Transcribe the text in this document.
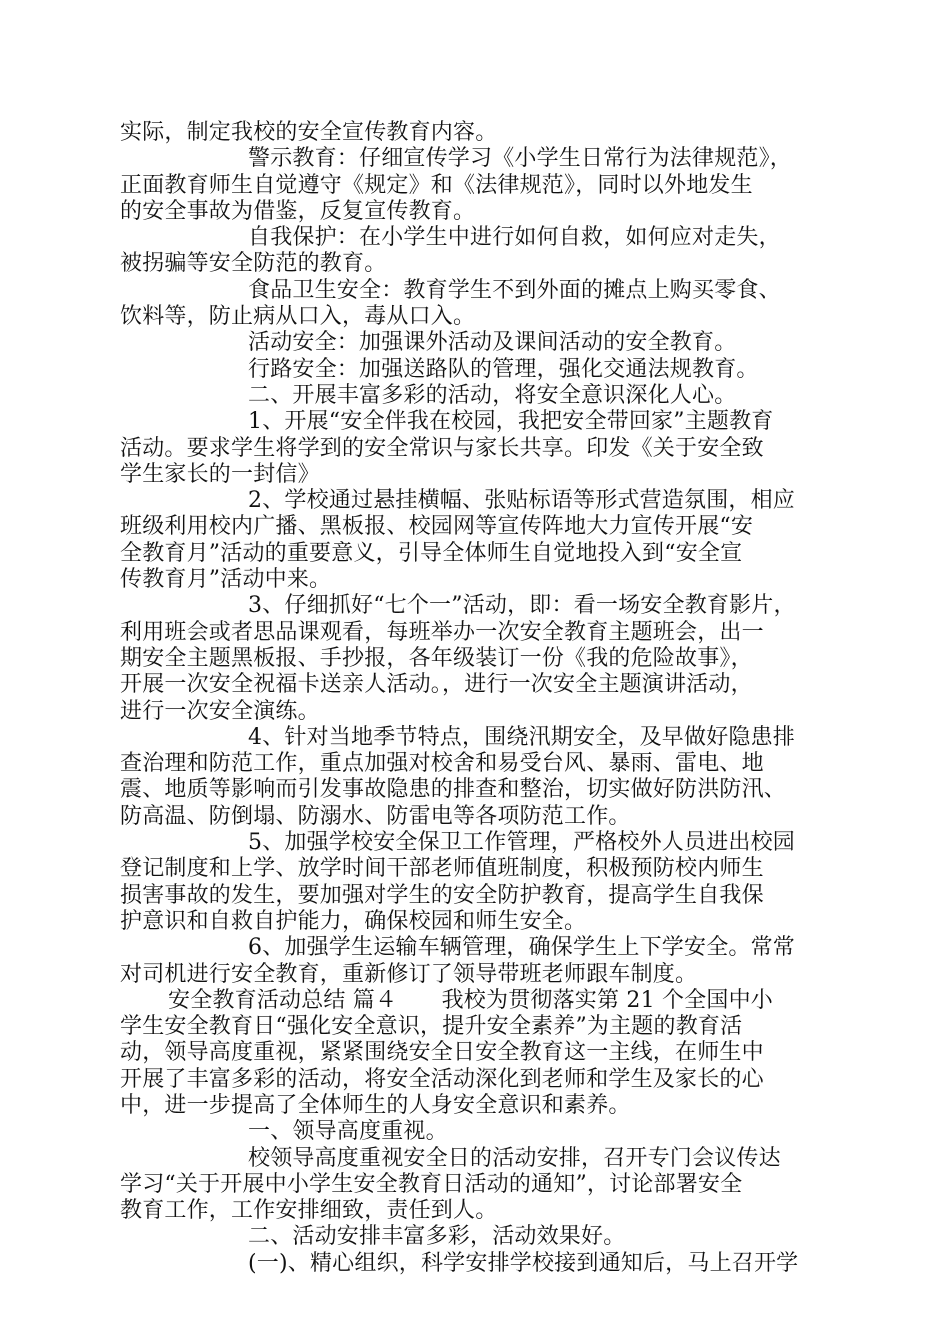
实际，制定我校的安全宣传教育内容。
警示教育：仔细宣传学习《小学生日常行为法律规范》，
正面教育师生自觉遵守《规定》和《法律规范》，同时以外地发生
的安全事故为借鉴，反复宣传教育。
自我保护：在小学生中进行如何自救，如何应对走失，
被拐骗等安全防范的教育。
食品卫生安全：教育学生不到外面的摊点上购买零食、
饮料等，防止病从口入，毒从口入。
活动安全：加强课外活动及课间活动的安全教育。
行路安全：加强送路队的管理，强化交通法规教育。
二、开展丰富多彩的活动，将安全意识深化人心。
1、开展“安全伴我在校园，我把安全带回家”主题教育
活动。要求学生将学到的安全常识与家长共享。印发《关于安全致
学生家长的一封信》
2、学校通过悬挂横幅、张贴标语等形式营造氛围，相应
班级利用校内广播、黑板报、校园网等宣传阵地大力宣传开展“安
全教育月”活动的重要意义，引导全体师生自觉地投入到“安全宣
传教育月”活动中来。
3、仔细抓好“七个一”活动，即：看一场安全教育影片，
利用班会或者思品课观看，每班举办一次安全教育主题班会，出一
期安全主题黑板报、手抄报，各年级装订一份《我的危险故事》，
开展一次安全祝福卡送亲人活动。，进行一次安全主题演讲活动，
进行一次安全演练。
4、针对当地季节特点，围绕汛期安全，及早做好隐患排
查治理和防范工作，重点加强对校舍和易受台风、暴雨、雷电、地
震、地质等影响而引发事故隐患的排查和整治，切实做好防洪防汛、
防高温、防倒塌、防溺水、防雷电等各项防范工作。
5、加强学校安全保卫工作管理，严格校外人员进出校园
登记制度和上学、放学时间干部老师值班制度，积极预防校内师生
损害事故的发生，要加强对学生的安全防护教育，提高学生自我保
护意识和自救自护能力，确保校园和师生安全。
6、加强学生运输车辆管理，确保学生上下学安全。常常
对司机进行安全教育，重新修订了领导带班老师跟车制度。
安全教育活动总结 篇４　　我校为贯彻落实第 21 个全国中小
学生安全教育日“强化安全意识，提升安全素养”为主题的教育活
动，领导高度重视，紧紧围绕安全日安全教育这一主线，在师生中
开展了丰富多彩的活动，将安全活动深化到老师和学生及家长的心
中，进一步提高了全体师生的人身安全意识和素养。
一、领导高度重视。
校领导高度重视安全日的活动安排，召开专门会议传达
学习“关于开展中小学生安全教育日活动的通知”，讨论部署安全
教育工作，工作安排细致，责任到人。
二、活动安排丰富多彩，活动效果好。
(一)、精心组织，科学安排学校接到通知后，马上召开学
